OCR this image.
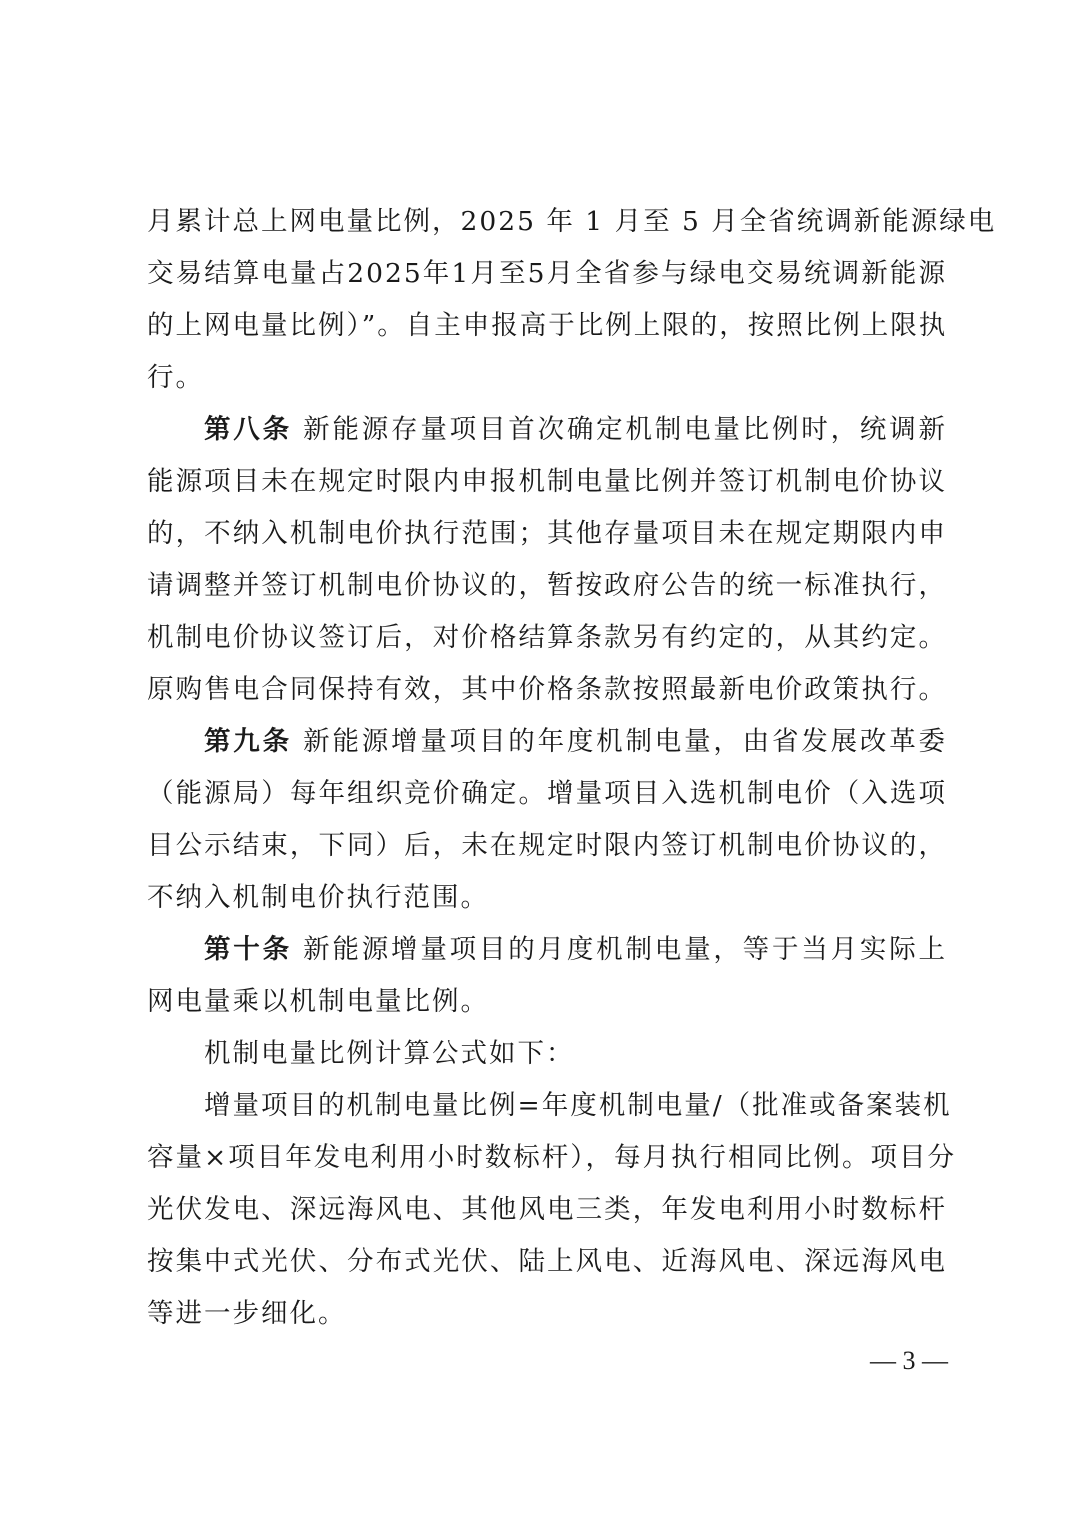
月累计总上网电量比例，2025 年 1 月至 5 月全省统调新能源绿电
交易结算电量占2025年1月至5月全省参与绿电交易统调新能源
的上网电量比例）”。自主申报高于比例上限的，按照比例上限执
行。
第八条 新能源存量项目首次确定机制电量比例时，统调新
能源项目未在规定时限内申报机制电量比例并签订机制电价协议
的，不纳入机制电价执行范围；其他存量项目未在规定期限内申
请调整并签订机制电价协议的，暂按政府公告的统一标准执行，
机制电价协议签订后，对价格结算条款另有约定的，从其约定。
原购售电合同保持有效，其中价格条款按照最新电价政策执行。
第九条 新能源增量项目的年度机制电量，由省发展改革委
（能源局）每年组织竞价确定。增量项目入选机制电价（入选项
目公示结束，下同）后，未在规定时限内签订机制电价协议的，
不纳入机制电价执行范围。
第十条 新能源增量项目的月度机制电量，等于当月实际上
网电量乘以机制电量比例。
机制电量比例计算公式如下：
增量项目的机制电量比例=年度机制电量/（批准或备案装机
容量×项目年发电利用小时数标杆），每月执行相同比例。项目分
光伏发电、深远海风电、其他风电三类，年发电利用小时数标杆
按集中式光伏、分布式光伏、陆上风电、近海风电、深远海风电
等进一步细化。
— 3 —
